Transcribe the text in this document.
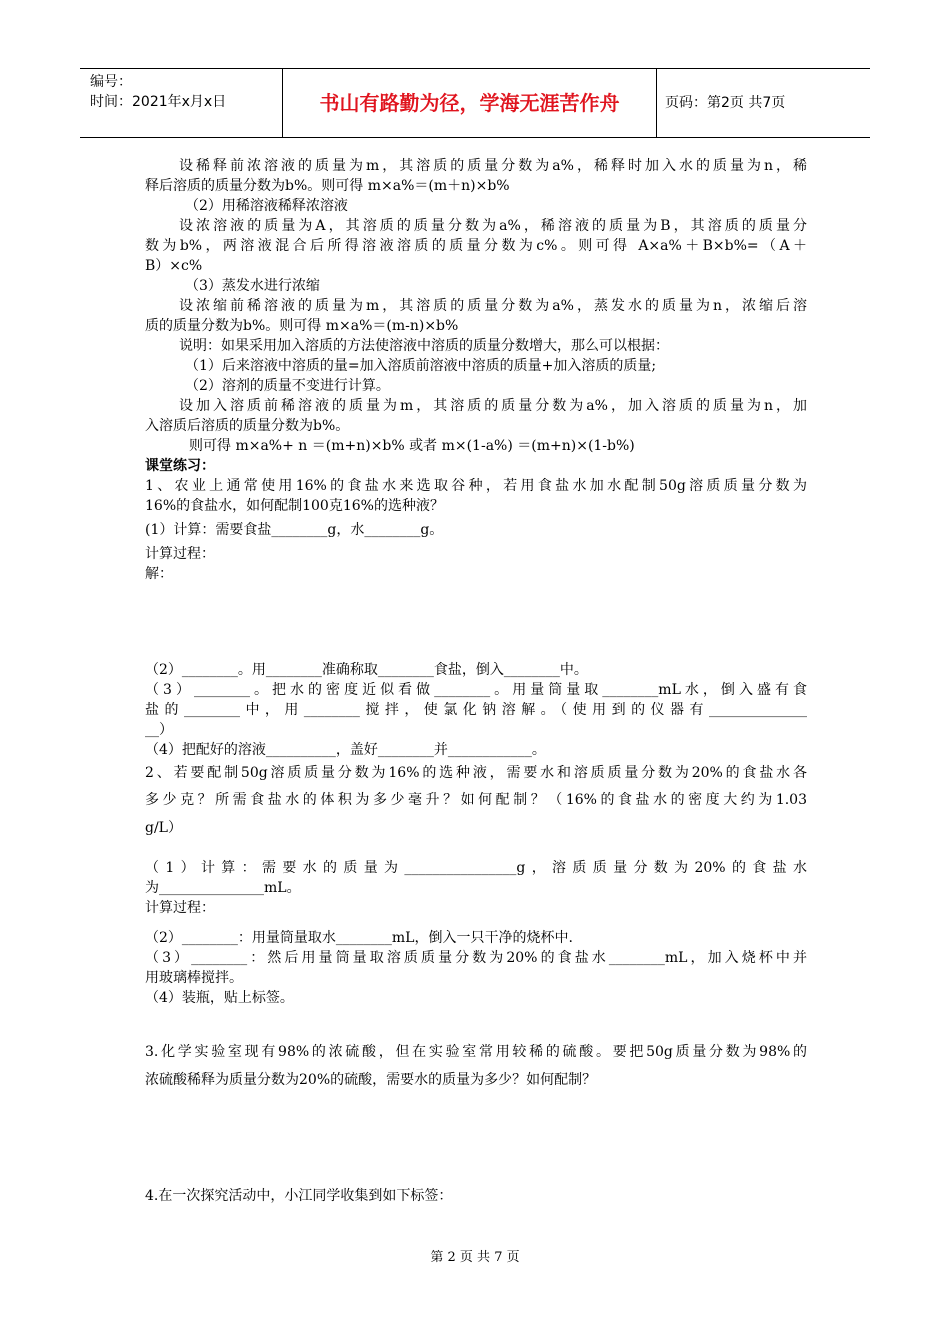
编号：
时间：2021年x月x日	书山有路勤为径，学海无涯苦作舟	页码：第2页 共7页
设稀释前浓溶液的质量为m，其溶质的质量分数为a%，稀释时加入水的质量为n，稀
释后溶质的质量分数为b%。则可得 m×a%＝(m＋n)×b%
（2）用稀溶液稀释浓溶液
设浓溶液的质量为A，其溶质的质量分数为a%，稀溶液的质量为B，其溶质的质量分
数为b%，两溶液混合后所得溶液溶质的质量分数为c%。则可得 A×a%＋B×b%=（A＋
B）×c%
（3）蒸发水进行浓缩
设浓缩前稀溶液的质量为m，其溶质的质量分数为a%，蒸发水的质量为n，浓缩后溶
质的质量分数为b%。则可得 m×a%＝(m-n)×b%
说明：如果采用加入溶质的方法使溶液中溶质的质量分数增大，那么可以根据：
（1）后来溶液中溶质的量=加入溶质前溶液中溶质的质量+加入溶质的质量;
（2）溶剂的质量不变进行计算。
设加入溶质前稀溶液的质量为m，其溶质的质量分数为a%，加入溶质的质量为n，加
入溶质后溶质的质量分数为b%。
则可得 m×a%+ n ＝(m+n)×b% 或者 m×(1-a%) ＝(m+n)×(1-b%)
课堂练习：
1、农业上通常使用16%的食盐水来选取谷种，若用食盐水加水配制50g溶质质量分数为
16%的食盐水，如何配制100克16%的选种液？
(1）计算：需要食盐________g，水________g。
计算过程：
解：
（2）________。用________准确称取________食盐，倒入________中。
（3）________。把水的密度近似看做________。用量筒量取________mL水，倒入盛有食
盐的________中，用________搅拌，使氯化钠溶解。（使用到的仪器有______________
__）
（4）把配好的溶液__________，盖好________并____________。
2、若要配制50g溶质质量分数为16%的选种液，需要水和溶质质量分数为20%的食盐水各
多少克？所需食盐水的体积为多少毫升？如何配制？（16%的食盐水的密度大约为1.03
g/L）
（1）计算：需要水的质量为________________g，溶质质量分数为20%的食盐水
为_______________mL。
计算过程：
（2）________：用量筒量取水________mL，倒入一只干净的烧杯中.
（3）________：然后用量筒量取溶质质量分数为20%的食盐水________mL，加入烧杯中并
用玻璃棒搅拌。
（4）装瓶，贴上标签。
3.化学实验室现有98%的浓硫酸，但在实验室常用较稀的硫酸。要把50g质量分数为98%的
浓硫酸稀释为质量分数为20%的硫酸，需要水的质量为多少？如何配制？
4.在一次探究活动中，小江同学收集到如下标签：
第 2 页 共 7 页
